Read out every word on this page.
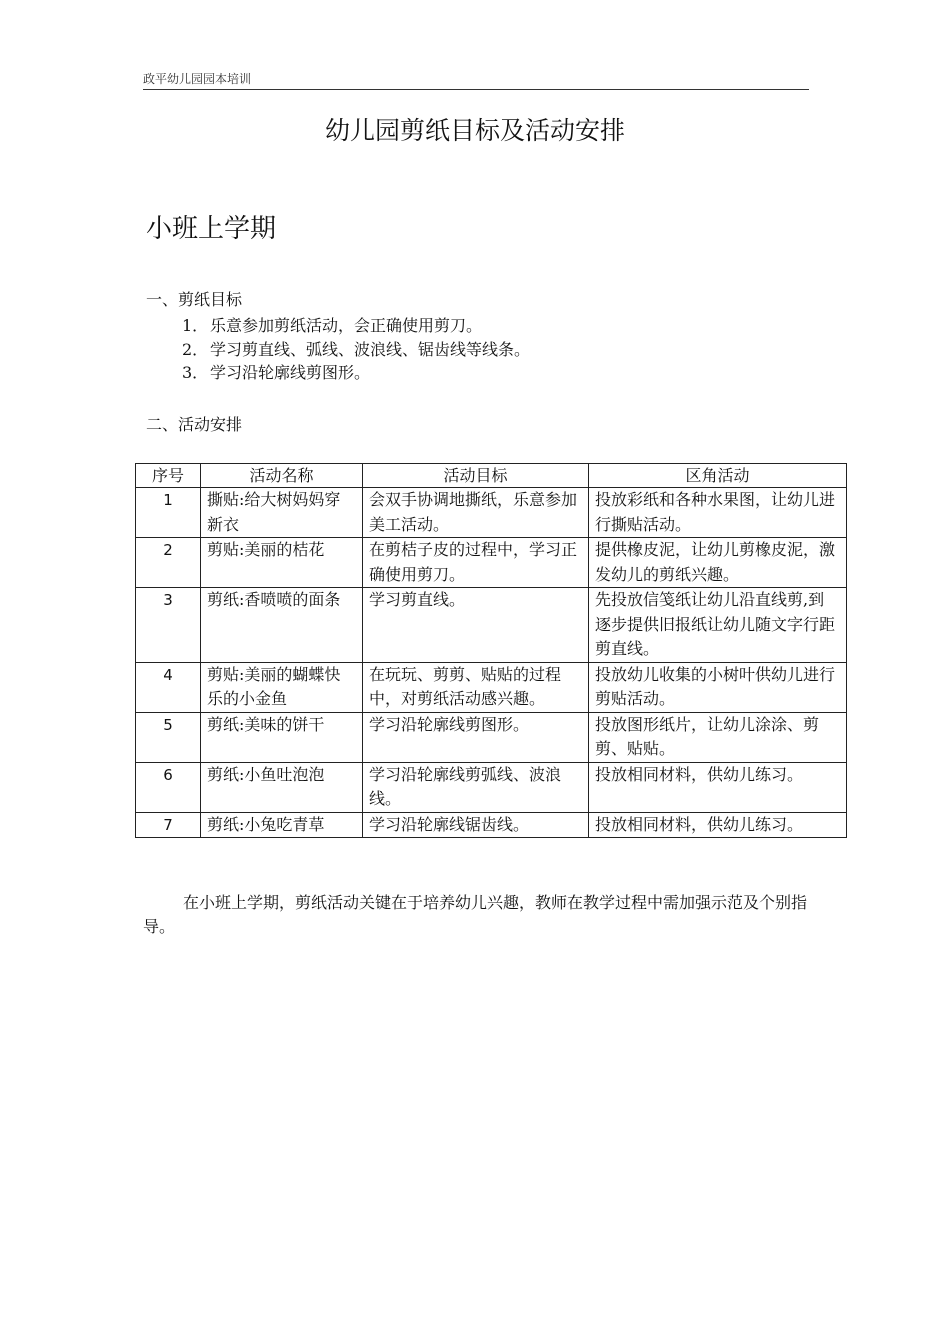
政平幼儿园园本培训
幼儿园剪纸目标及活动安排
小班上学期
一、剪纸目标
1． 乐意参加剪纸活动，会正确使用剪刀。
2． 学习剪直线、弧线、波浪线、锯齿线等线条。
3． 学习沿轮廓线剪图形。
二、活动安排
序号	活动名称	活动目标	区角活动
1	撕贴:给大树妈妈穿新衣	会双手协调地撕纸，乐意参加美工活动。	投放彩纸和各种水果图，让幼儿进行撕贴活动。
2	剪贴:美丽的桔花	在剪桔子皮的过程中，学习正确使用剪刀。	提供橡皮泥，让幼儿剪橡皮泥，激发幼儿的剪纸兴趣。
3	剪纸:香喷喷的面条	学习剪直线。	先投放信笺纸让幼儿沿直线剪,到逐步提供旧报纸让幼儿随文字行距剪直线。
4	剪贴:美丽的蝴蝶快乐的小金鱼	在玩玩、剪剪、贴贴的过程中，对剪纸活动感兴趣。	投放幼儿收集的小树叶供幼儿进行剪贴活动。
5	剪纸:美味的饼干	学习沿轮廓线剪图形。	投放图形纸片，让幼儿涂涂、剪剪、贴贴。
6	剪纸:小鱼吐泡泡	学习沿轮廓线剪弧线、波浪线。	投放相同材料，供幼儿练习。
7	剪纸:小兔吃青草	学习沿轮廓线锯齿线。	投放相同材料，供幼儿练习。

在小班上学期，剪纸活动关键在于培养幼儿兴趣，教师在教学过程中需加强示范及个别指导。
